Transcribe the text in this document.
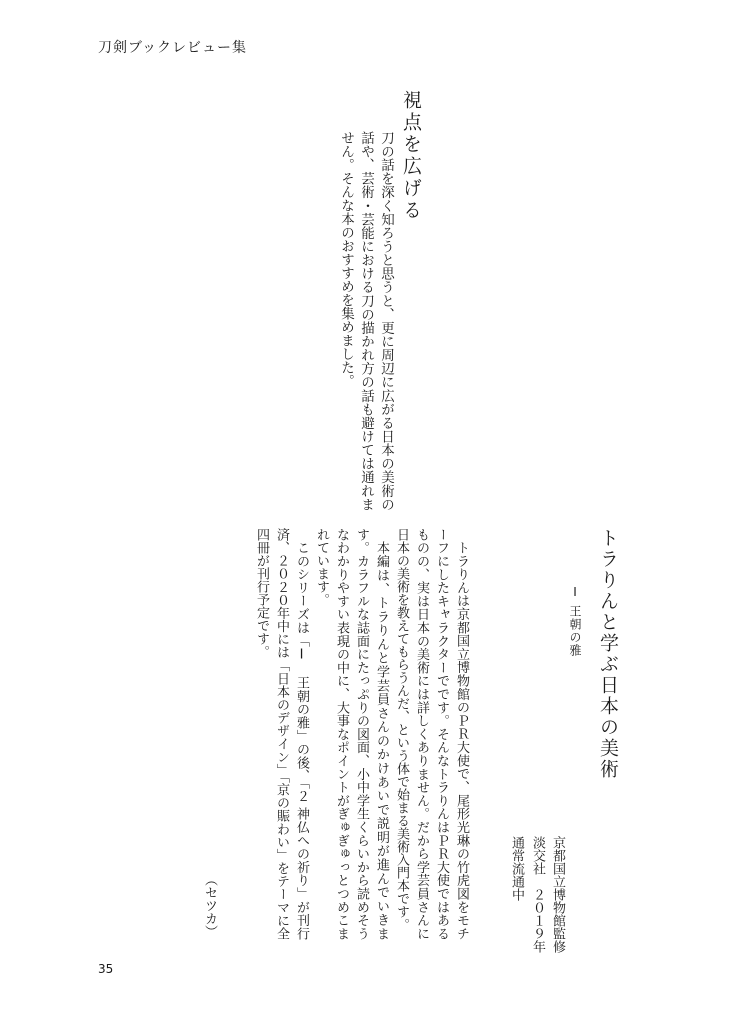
刀剣ブックレビュー集
視点を広げる
刀の話を深く知ろうと思うと、更に周辺に広がる日本の美術の話や、芸術・芸能における刀の描かれ方の話も避けては通れません。そんな本のおすすめを集めました。
トラりんと学ぶ日本の美術
Ⅰ 王朝の雅
京都国立博物館監修
淡交社　２０１９年
通常流通中

トラりんは京都国立博物館のＰＲ大使で、尾形光琳の竹虎図をモチーフにしたキャラクターでです。そんなトラりんはＰＲ大使ではあるものの、実は日本の美術には詳しくありません。だから学芸員さんに日本の美術を教えてもらうんだ、という体で始まる美術入門本です。

本編は、トラりんと学芸員さんのかけあいで説明が進んでいきます。カラフルな誌面にたっぷりの図面、小中学生くらいから読めそうなわかりやすい表現の中に、大事なポイントがぎゅぎゅっとつめこまれています。

このシリーズは「Ⅰ　王朝の雅」の後、「２ 神仏への祈り」が刊行済、２０２０年中には「日本のデザイン」「京の賑わい」をテーマに全四冊が刊行予定です。

（セツカ）
35
